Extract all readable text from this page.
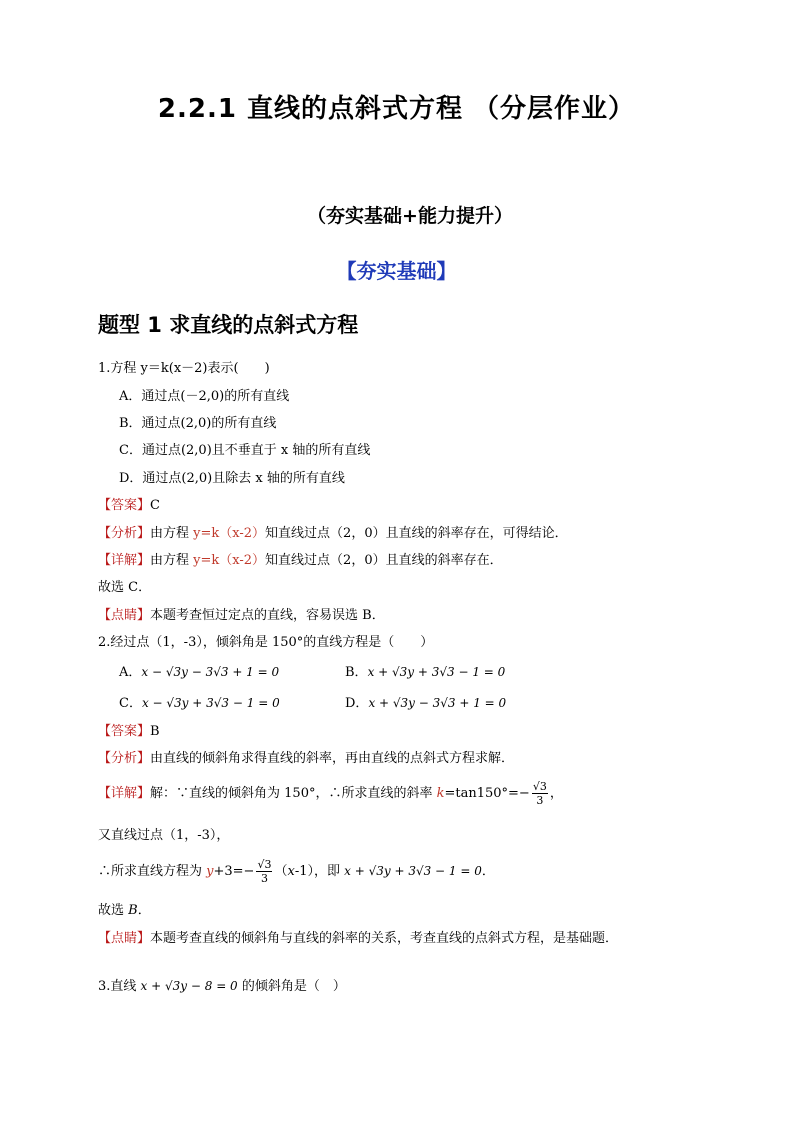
2.2.1 直线的点斜式方程 （分层作业）
（夯实基础+能力提升）
【夯实基础】
题型 1 求直线的点斜式方程
1.方程 y＝k(x－2)表示(　　)
A．通过点(－2,0)的所有直线
B．通过点(2,0)的所有直线
C．通过点(2,0)且不垂直于 x 轴的所有直线
D．通过点(2,0)且除去 x 轴的所有直线
【答案】C
【分析】由方程 y=k（x-2）知直线过点（2，0）且直线的斜率存在，可得结论．
【详解】由方程 y=k（x-2）知直线过点（2，0）且直线的斜率存在．
故选 C．
【点睛】本题考查恒过定点的直线，容易误选 B．
2.经过点（1，-3），倾斜角是 150°的直线方程是（　　）
A．x − √3y − 3√3 + 1 = 0	B．x + √3y + 3√3 − 1 = 0
C．x − √3y + 3√3 − 1 = 0	D．x + √3y − 3√3 + 1 = 0
【答案】B
【分析】由直线的倾斜角求得直线的斜率，再由直线的点斜式方程求解．
【详解】解：∵直线的倾斜角为 150°，∴所求直线的斜率 $k=\tan 150^\circ=- \frac{√3}{3}$ ，
又直线过点（1，-3），
∴所求直线方程为 $y+3=- \frac{√3}{3} (x-1)$，即 x + √3y + 3√3 − 1 = 0．
故选 B．
【点睛】本题考查直线的倾斜角与直线的斜率的关系，考查直线的点斜式方程，是基础题．
3.直线 x + √3y − 8 = 0 的倾斜角是（　）
